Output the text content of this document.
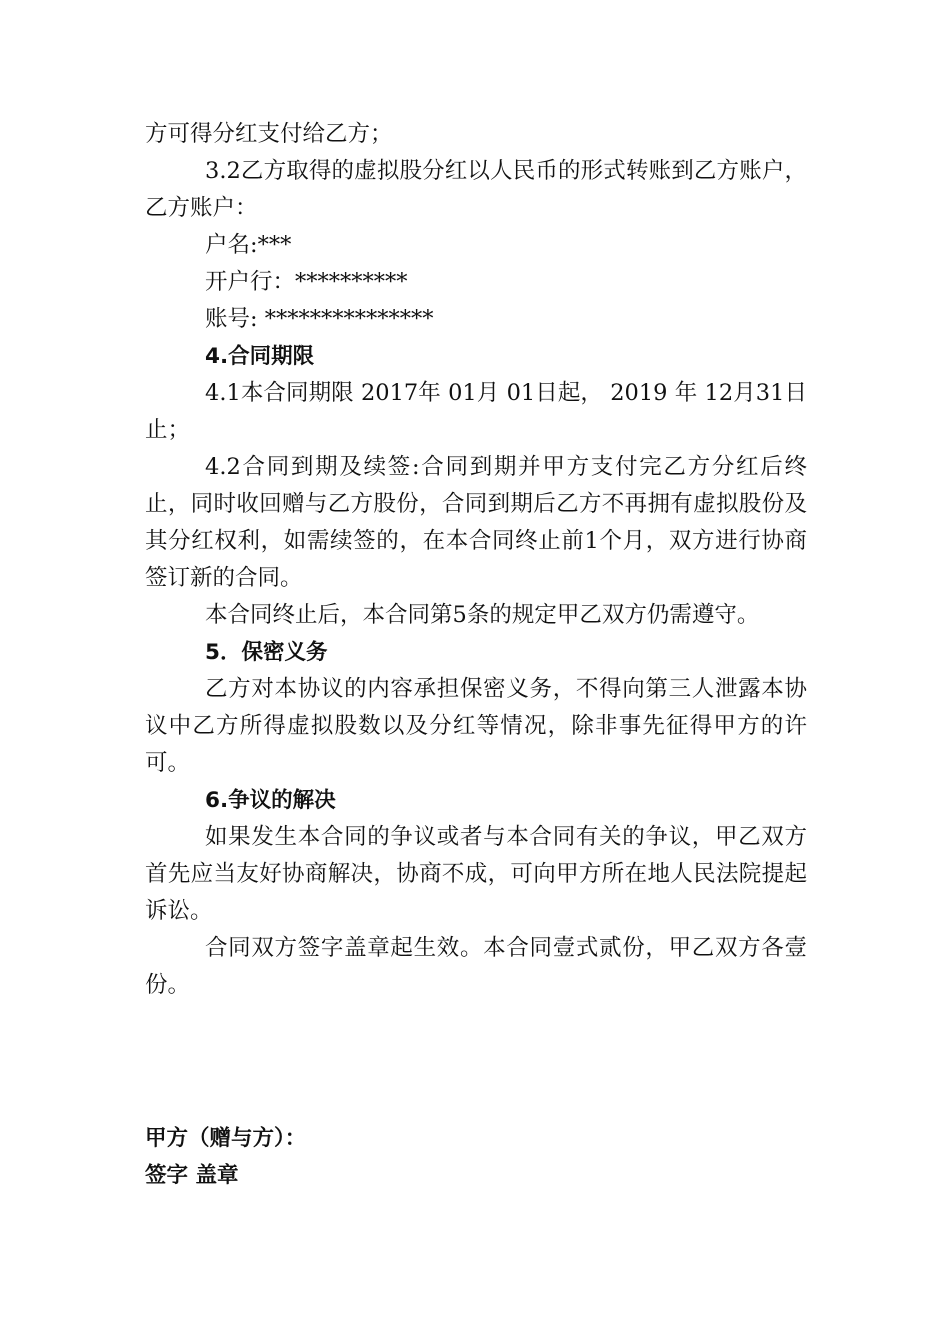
方可得分红支付给乙方；

3.2乙方取得的虚拟股分红以人民币的形式转账到乙方账户，乙方账户：

户名:***

开户行：**********

账号: ***************

4.合同期限

4.1本合同期限 2017年 01月 01日起， 2019 年 12月31日止；

4.2合同到期及续签:合同到期并甲方支付完乙方分红后终止，同时收回赠与乙方股份，合同到期后乙方不再拥有虚拟股份及其分红权利，如需续签的，在本合同终止前1个月，双方进行协商签订新的合同。

本合同终止后，本合同第5条的规定甲乙双方仍需遵守。

5．保密义务

乙方对本协议的内容承担保密义务，不得向第三人泄露本协议中乙方所得虚拟股数以及分红等情况，除非事先征得甲方的许可。

6.争议的解决

如果发生本合同的争议或者与本合同有关的争议，甲乙双方首先应当友好协商解决，协商不成，可向甲方所在地人民法院提起诉讼。

合同双方签字盖章起生效。本合同壹式贰份，甲乙双方各壹份。

甲方（赠与方）：
签字 盖章
